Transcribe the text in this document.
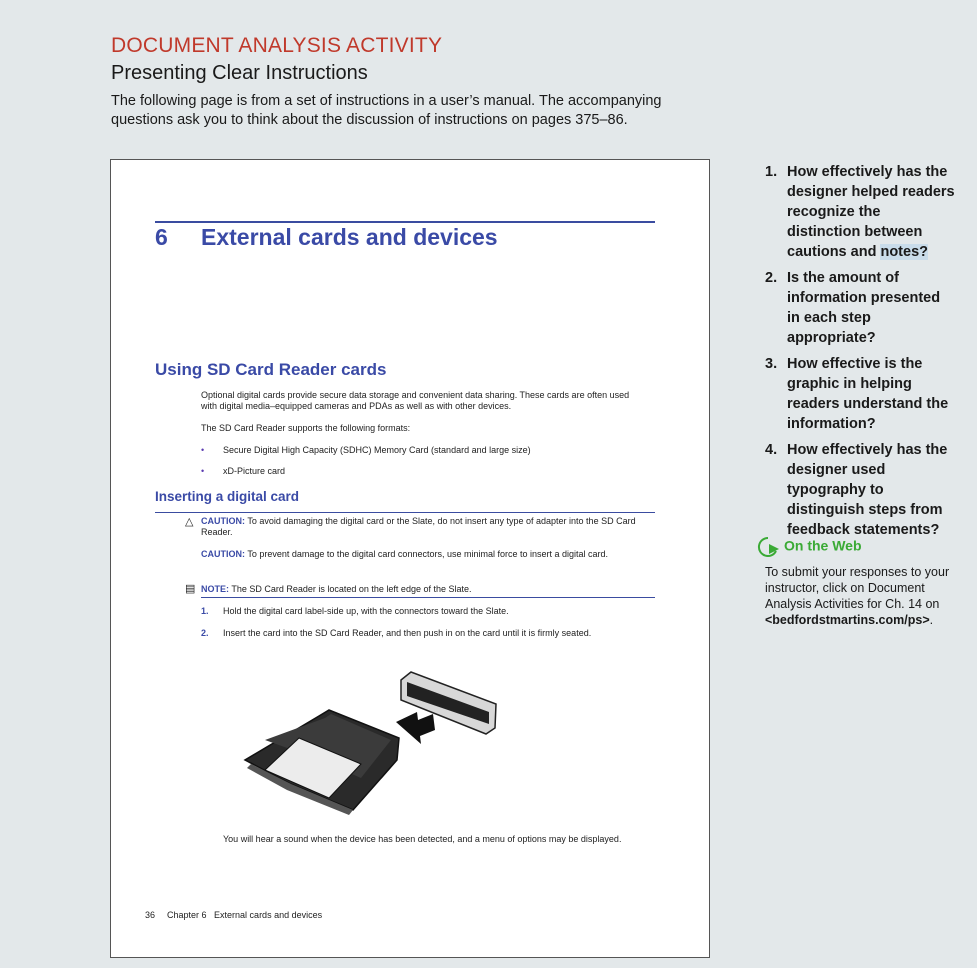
DOCUMENT ANALYSIS ACTIVITY
Presenting Clear Instructions
The following page is from a set of instructions in a user’s manual. The accompanying questions ask you to think about the discussion of instructions on pages 375–86.
6 External cards and devices
Using SD Card Reader cards
Optional digital cards provide secure data storage and convenient data sharing. These cards are often used with digital media–equipped cameras and PDAs as well as with other devices.
The SD Card Reader supports the following formats:
• Secure Digital High Capacity (SDHC) Memory Card (standard and large size)
• xD-Picture card
Inserting a digital card
△ CAUTION: To avoid damaging the digital card or the Slate, do not insert any type of adapter into the SD Card Reader.
CAUTION: To prevent damage to the digital card connectors, use minimal force to insert a digital card.
▤ NOTE: The SD Card Reader is located on the left edge of the Slate.
1. Hold the digital card label-side up, with the connectors toward the Slate.
2. Insert the card into the SD Card Reader, and then push in on the card until it is firmly seated.
You will hear a sound when the device has been detected, and a menu of options may be displayed.
36 Chapter 6   External cards and devices
1. How effectively has the designer helped readers recognize the distinction between cautions and notes?
2. Is the amount of information presented in each step appropriate?
3. How effective is the graphic in helping readers understand the information?
4. How effectively has the designer used typography to distinguish steps from feedback statements?
On the Web
To submit your responses to your instructor, click on Document Analysis Activities for Ch. 14 on <bedfordstmartins.com/ps>.
